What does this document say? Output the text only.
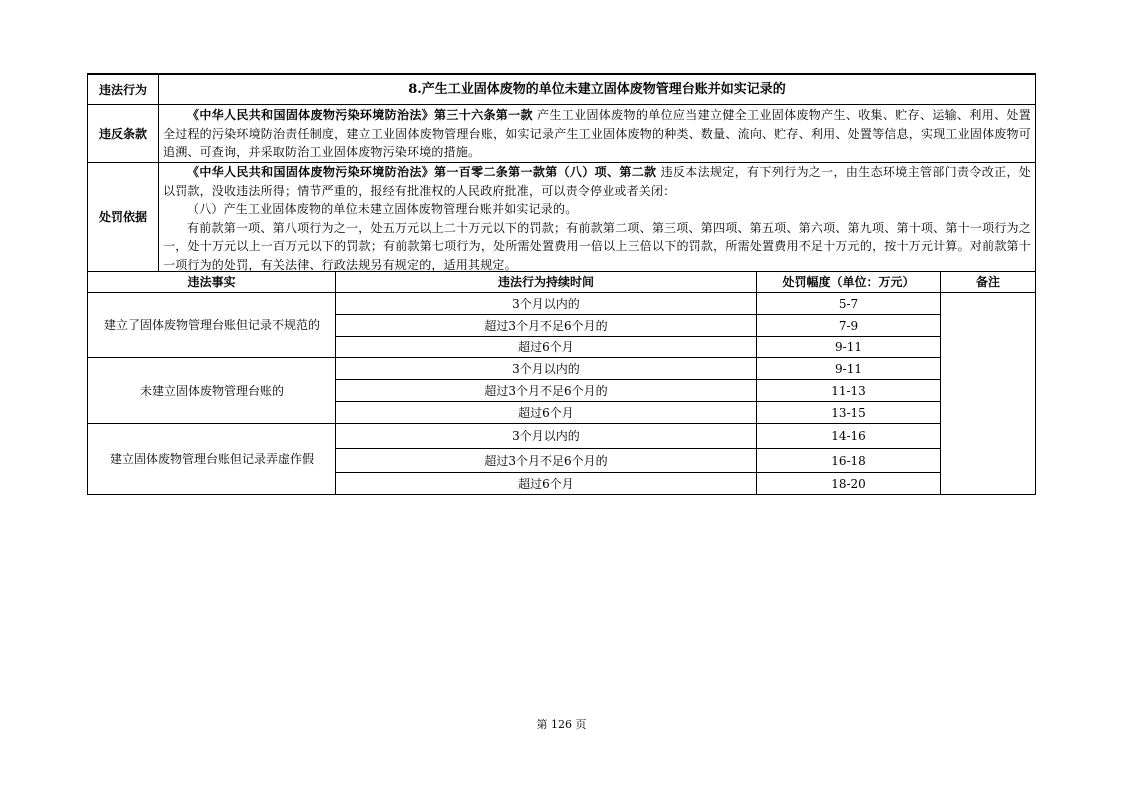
违法行为	8.产生工业固体废物的单位未建立固体废物管理台账并如实记录的
违反条款
《中华人民共和国固体废物污染环境防治法》第三十六条第一款 产生工业固体废物的单位应当建立健全工业固体废物产生、收集、贮存、运输、利用、处置全过程的污染环境防治责任制度，建立工业固体废物管理台账，如实记录产生工业固体废物的种类、数量、流向、贮存、利用、处置等信息，实现工业固体废物可追溯、可查询，并采取防治工业固体废物污染环境的措施。
处罚依据
《中华人民共和国固体废物污染环境防治法》第一百零二条第一款第（八）项、第二款 违反本法规定，有下列行为之一，由生态环境主管部门责令改正，处以罚款，没收违法所得；情节严重的，报经有批准权的人民政府批准，可以责令停业或者关闭：
（八）产生工业固体废物的单位未建立固体废物管理台账并如实记录的。
有前款第一项、第八项行为之一，处五万元以上二十万元以下的罚款；有前款第二项、第三项、第四项、第五项、第六项、第九项、第十项、第十一项行为之一，处十万元以上一百万元以下的罚款；有前款第七项行为，处所需处置费用一倍以上三倍以下的罚款，所需处置费用不足十万元的，按十万元计算。对前款第十一项行为的处罚，有关法律、行政法规另有规定的，适用其规定。
违法事实	违法行为持续时间	处罚幅度（单位：万元）	备注
建立了固体废物管理台账但记录不规范的
3个月以内的	5-7
超过3个月不足6个月的	7-9
超过6个月	9-11
未建立固体废物管理台账的
3个月以内的	9-11
超过3个月不足6个月的	11-13
超过6个月	13-15
建立固体废物管理台账但记录弄虚作假
3个月以内的	14-16
超过3个月不足6个月的	16-18
超过6个月	18-20
第 126 页
